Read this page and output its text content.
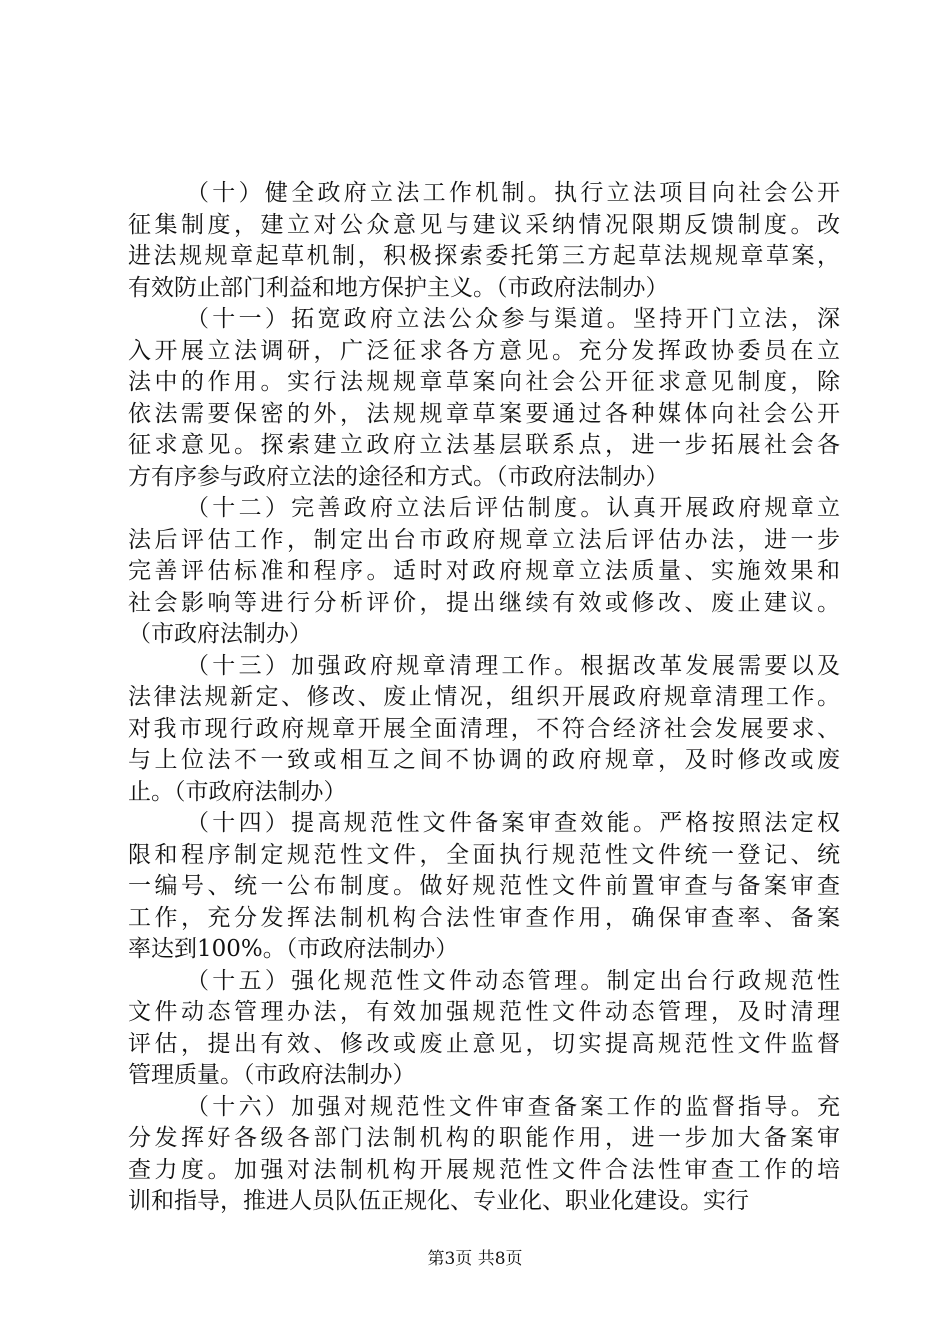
（十）健全政府立法工作机制。执行立法项目向社会公开
征集制度，建立对公众意见与建议采纳情况限期反馈制度。改
进法规规章起草机制，积极探索委托第三方起草法规规章草案，
有效防止部门利益和地方保护主义。（市政府法制办）
（十一）拓宽政府立法公众参与渠道。坚持开门立法，深
入开展立法调研，广泛征求各方意见。充分发挥政协委员在立
法中的作用。实行法规规章草案向社会公开征求意见制度，除
依法需要保密的外，法规规章草案要通过各种媒体向社会公开
征求意见。探索建立政府立法基层联系点，进一步拓展社会各
方有序参与政府立法的途径和方式。（市政府法制办）
（十二）完善政府立法后评估制度。认真开展政府规章立
法后评估工作，制定出台市政府规章立法后评估办法，进一步
完善评估标准和程序。适时对政府规章立法质量、实施效果和
社会影响等进行分析评价，提出继续有效或修改、废止建议。
（市政府法制办）
（十三）加强政府规章清理工作。根据改革发展需要以及
法律法规新定、修改、废止情况，组织开展政府规章清理工作。
对我市现行政府规章开展全面清理，不符合经济社会发展要求、
与上位法不一致或相互之间不协调的政府规章，及时修改或废
止。（市政府法制办）
（十四）提高规范性文件备案审查效能。严格按照法定权
限和程序制定规范性文件，全面执行规范性文件统一登记、统
一编号、统一公布制度。做好规范性文件前置审查与备案审查
工作，充分发挥法制机构合法性审查作用，确保审查率、备案
率达到100%。（市政府法制办）
（十五）强化规范性文件动态管理。制定出台行政规范性
文件动态管理办法，有效加强规范性文件动态管理，及时清理
评估，提出有效、修改或废止意见，切实提高规范性文件监督
管理质量。（市政府法制办）
（十六）加强对规范性文件审查备案工作的监督指导。充
分发挥好各级各部门法制机构的职能作用，进一步加大备案审
查力度。加强对法制机构开展规范性文件合法性审查工作的培
训和指导，推进人员队伍正规化、专业化、职业化建设。实行
第3页 共8页
